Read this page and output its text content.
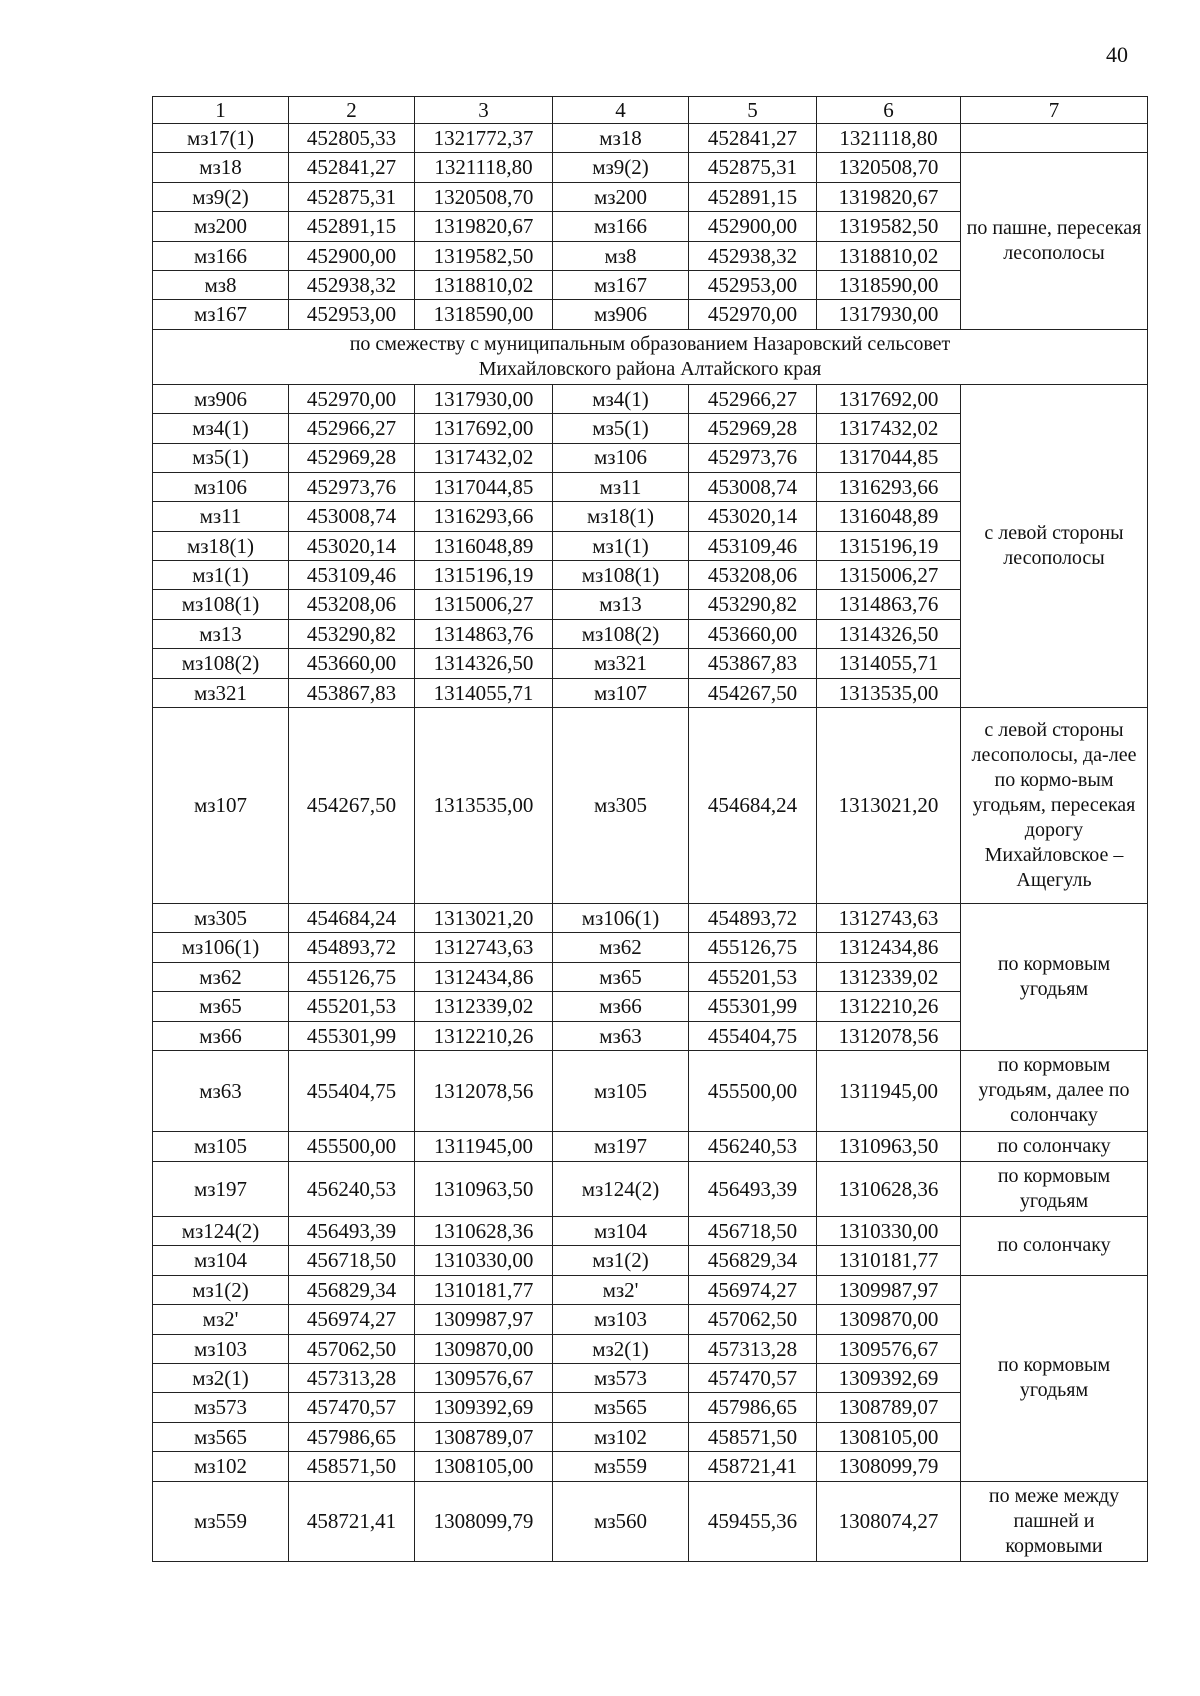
40
1	2	3	4	5	6	7
мз17(1)	452805,33	1321772,37	мз18	452841,27	1321118,80	
мз18	452841,27	1321118,80	мз9(2)	452875,31	1320508,70	по пашне, пересекая лесополосы
мз9(2)	452875,31	1320508,70	мз200	452891,15	1319820,67	
мз200	452891,15	1319820,67	мз166	452900,00	1319582,50	
мз166	452900,00	1319582,50	мз8	452938,32	1318810,02	
мз8	452938,32	1318810,02	мз167	452953,00	1318590,00	
мз167	452953,00	1318590,00	мз906	452970,00	1317930,00	

по смежеству с муниципальным образованием Назаровский сельсовет
Михайловского района Алтайского края						

мз906	452970,00	1317930,00	мз4(1)	452966,27	1317692,00	с левой стороны лесополосы
мз4(1)	452966,27	1317692,00	мз5(1)	452969,28	1317432,02	
мз5(1)	452969,28	1317432,02	мз106	452973,76	1317044,85	
мз106	452973,76	1317044,85	мз11	453008,74	1316293,66	
мз11	453008,74	1316293,66	мз18(1)	453020,14	1316048,89	
мз18(1)	453020,14	1316048,89	мз1(1)	453109,46	1315196,19	
мз1(1)	453109,46	1315196,19	мз108(1)	453208,06	1315006,27	
мз108(1)	453208,06	1315006,27	мз13	453290,82	1314863,76	
мз13	453290,82	1314863,76	мз108(2)	453660,00	1314326,50	
мз108(2)	453660,00	1314326,50	мз321	453867,83	1314055,71	
мз321	453867,83	1314055,71	мз107	454267,50	1313535,00	
мз107	454267,50	1313535,00	мз305	454684,24	1313021,20	с левой стороны лесополосы, да-лее по кормо-вым угодьям, пересекая дорогу Михайловское – Ащегуль
мз305	454684,24	1313021,20	мз106(1)	454893,72	1312743,63	по кормовым угодьям
мз106(1)	454893,72	1312743,63	мз62	455126,75	1312434,86	
мз62	455126,75	1312434,86	мз65	455201,53	1312339,02	
мз65	455201,53	1312339,02	мз66	455301,99	1312210,26	
мз66	455301,99	1312210,26	мз63	455404,75	1312078,56	
мз63	455404,75	1312078,56	мз105	455500,00	1311945,00	по кормовым угодьям, далее по солончаку
мз105	455500,00	1311945,00	мз197	456240,53	1310963,50	по солончаку
мз197	456240,53	1310963,50	мз124(2)	456493,39	1310628,36	по кормовым угодьям
мз124(2)	456493,39	1310628,36	мз104	456718,50	1310330,00	по солончаку
мз104	456718,50	1310330,00	мз1(2)	456829,34	1310181,77	
мз1(2)	456829,34	1310181,77	мз2'	456974,27	1309987,97	по кормовым угодьям
мз2'	456974,27	1309987,97	мз103	457062,50	1309870,00	
мз103	457062,50	1309870,00	мз2(1)	457313,28	1309576,67	
мз2(1)	457313,28	1309576,67	мз573	457470,57	1309392,69	
мз573	457470,57	1309392,69	мз565	457986,65	1308789,07	
мз565	457986,65	1308789,07	мз102	458571,50	1308105,00	
мз102	458571,50	1308105,00	мз559	458721,41	1308099,79	
мз559	458721,41	1308099,79	мз560	459455,36	1308074,27	по меже между пашней и кормовыми
